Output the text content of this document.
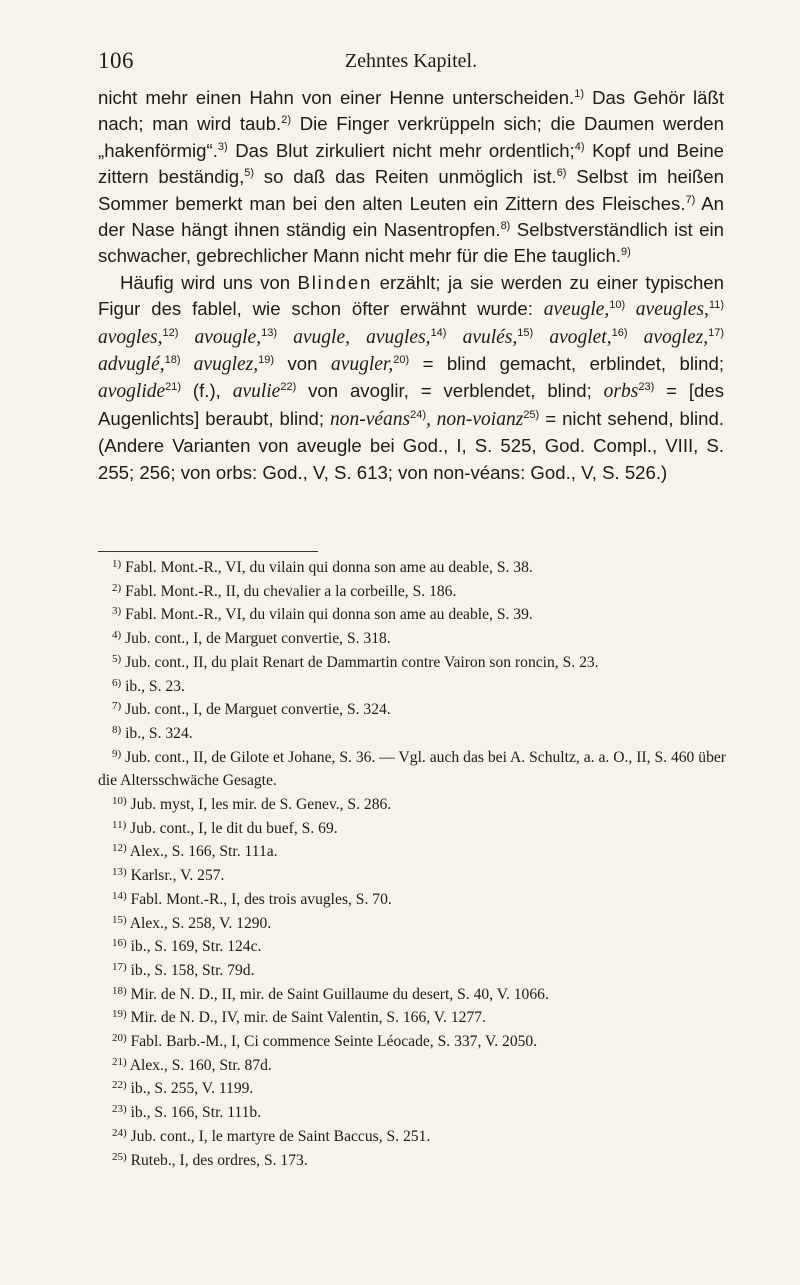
106	Zehntes Kapitel.

nicht mehr einen Hahn von einer Henne unterscheiden.$^{1)}$ Das Gehör läßt nach; man wird taub.$^{2)}$ Die Finger verkrüppeln sich; die Daumen werden „hakenförmig“.$^{3)}$ Das Blut zirkuliert nicht mehr ordentlich;$^{4)}$ Kopf und Beine zittern beständig,$^{5)}$ so daß das Reiten unmöglich ist.$^{6)}$ Selbst im heißen Sommer bemerkt man bei den alten Leuten ein Zittern des Fleisches.$^{7)}$ An der Nase hängt ihnen ständig ein Nasentropfen.$^{8)}$ Selbstverständlich ist ein schwacher, gebrechlicher Mann nicht mehr für die Ehe tauglich.$^{9)}$

Häufig wird uns von Blinden erzählt; ja sie werden zu einer typischen Figur des fablel, wie schon öfter erwähnt wurde: aveugle,$^{10)}$ aveugles,$^{11)}$ avogles,$^{12)}$ avougle,$^{13)}$ avugle, avugles,$^{14)}$ avulés,$^{15)}$ avoglet,$^{16)}$ avoglez,$^{17)}$ advuglé,$^{18)}$ avuglez,$^{19)}$ von avugler,$^{20)}$ = blind gemacht, erblindet, blind; avoglide$^{21)}$ (f.), avulie$^{22)}$ von avoglir, = verblendet, blind; orbs$^{23)}$ = [des Augenlichts] beraubt, blind; non-véans$^{24)}$, non-voianz$^{25)}$ = nicht sehend, blind. (Andere Varianten von aveugle bei God., I, S. 525, God. Compl., VIII, S. 255; 256; von orbs: God., V, S. 613; von non-véans: God., V, S. 526.)

$^{1)}$ Fabl. Mont.-R., VI, du vilain qui donna son ame au deable, S. 38.
$^{2)}$ Fabl. Mont.-R., II, du chevalier a la corbeille, S. 186.
$^{3)}$ Fabl. Mont.-R., VI, du vilain qui donna son ame au deable, S. 39.
$^{4)}$ Jub. cont., I, de Marguet convertie, S. 318.
$^{5)}$ Jub. cont., II, du plait Renart de Dammartin contre Vairon son roncin, S. 23.
$^{6)}$ ib., S. 23.
$^{7)}$ Jub. cont., I, de Marguet convertie, S. 324.
$^{8)}$ ib., S. 324.
$^{9)}$ Jub. cont., II, de Gilote et Johane, S. 36. — Vgl. auch das bei A. Schultz, a. a. O., II, S. 460 über die Altersschwäche Gesagte.
$^{10)}$ Jub. myst, I, les mir. de S. Genev., S. 286.
$^{11)}$ Jub. cont., I, le dit du buef, S. 69.
$^{12)}$ Alex., S. 166, Str. 111a.
$^{13)}$ Karlsr., V. 257.
$^{14)}$ Fabl. Mont.-R., I, des trois avugles, S. 70.
$^{15)}$ Alex., S. 258, V. 1290.
$^{16)}$ ib., S. 169, Str. 124c.
$^{17)}$ ib., S. 158, Str. 79d.
$^{18)}$ Mir. de N. D., II, mir. de Saint Guillaume du desert, S. 40, V. 1066.
$^{19)}$ Mir. de N. D., IV, mir. de Saint Valentin, S. 166, V. 1277.
$^{20)}$ Fabl. Barb.-M., I, Ci commence Seinte Léocade, S. 337, V. 2050.
$^{21)}$ Alex., S. 160, Str. 87d.
$^{22)}$ ib., S. 255, V. 1199.
$^{23)}$ ib., S. 166, Str. 111b.
$^{24)}$ Jub. cont., I, le martyre de Saint Baccus, S. 251.
$^{25)}$ Ruteb., I, des ordres, S. 173.
